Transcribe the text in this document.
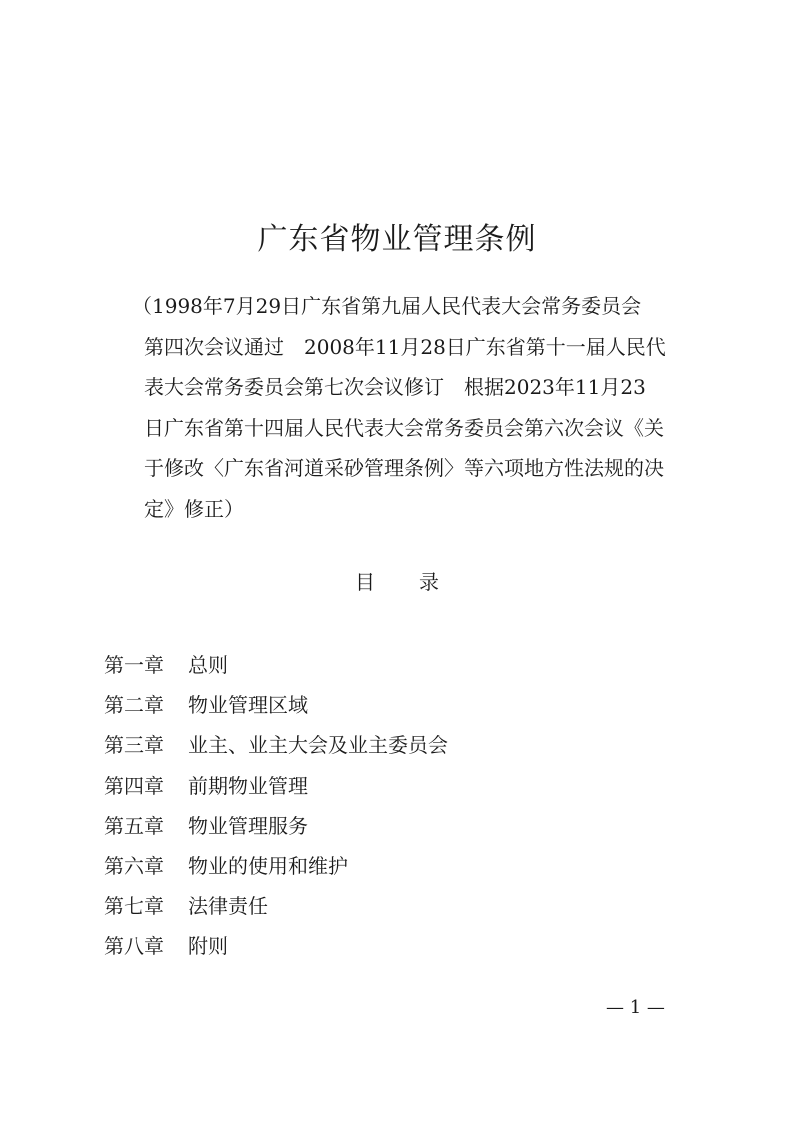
广东省物业管理条例
（1998年7月29日广东省第九届人民代表大会常务委员会
第四次会议通过　2008年11月28日广东省第十一届人民代
表大会常务委员会第七次会议修订　根据2023年11月23
日广东省第十四届人民代表大会常务委员会第六次会议《关
于修改〈广东省河道采砂管理条例〉等六项地方性法规的决
定》修正）
目 录
第一章 总则
第二章 物业管理区域
第三章 业主、业主大会及业主委员会
第四章 前期物业管理
第五章 物业管理服务
第六章 物业的使用和维护
第七章 法律责任
第八章 附则
— 1 —
